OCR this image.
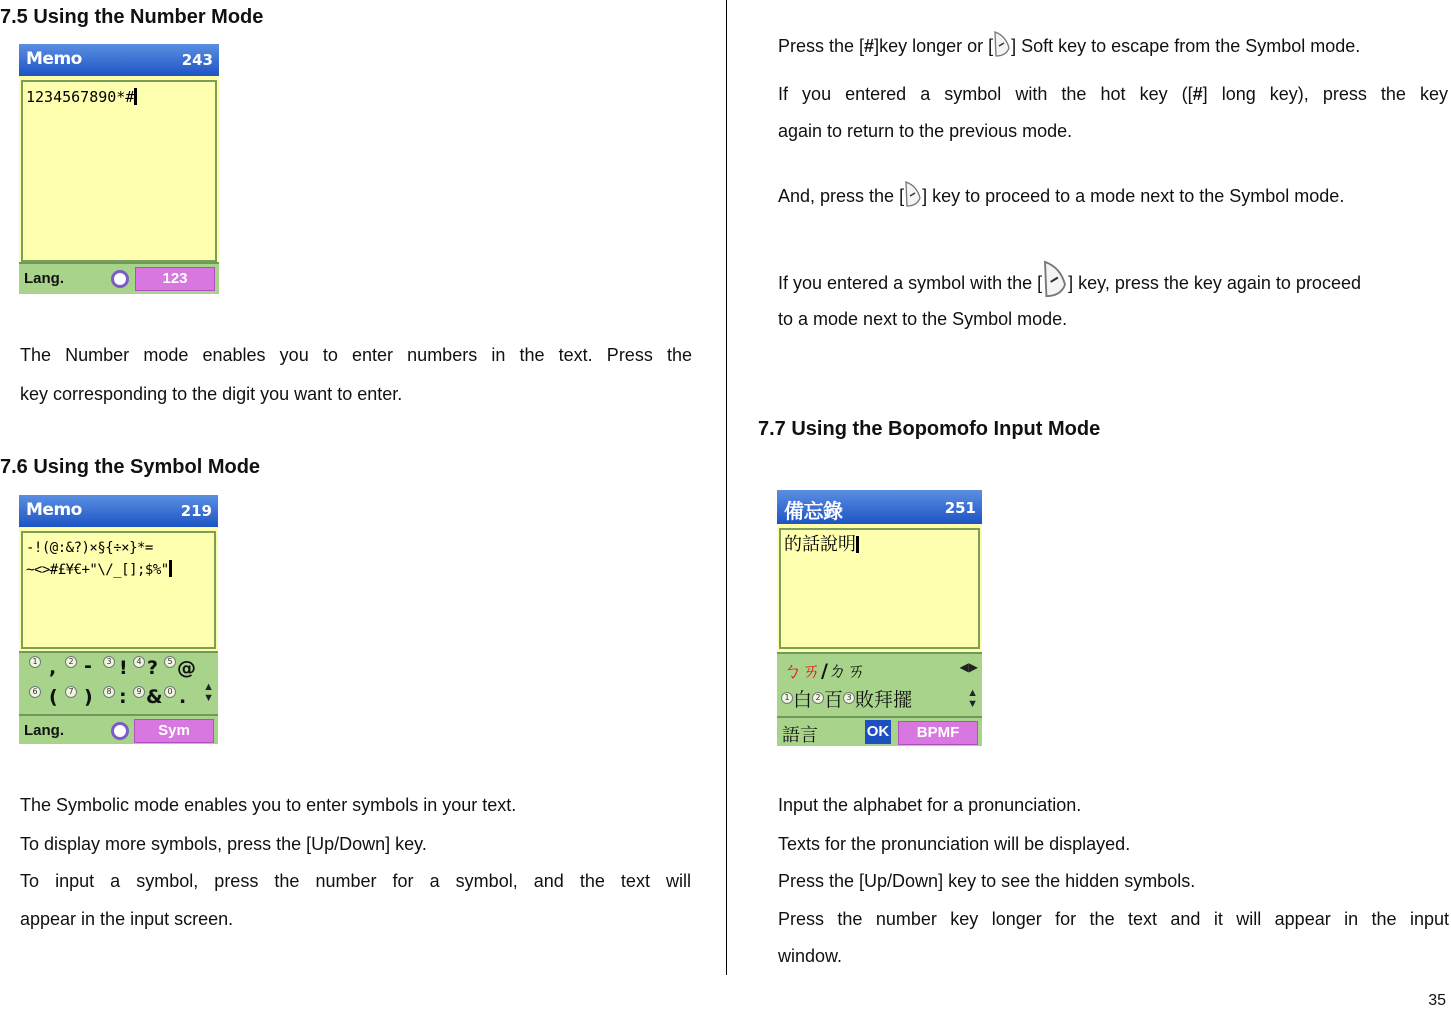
7.5 Using the Number Mode
Memo	243
1234567890*#
Lang.	123
The Number mode enables you to enter numbers in the text. Press the
key corresponding to the digit you want to enter.
7.6 Using the Symbol Mode
Memo	219
-!(@:&?)×§{÷×}*=
~<>#£¥€+"\/_[];$%"
1 ,	2 -	3 !	4 ?	5 @
6 (	7 )	8 :	9 & 0 . ▲
▼
Lang.	Sym
The Symbolic mode enables you to enter symbols in your text.
To display more symbols, press the [Up/Down] key.
To input a symbol, press the number for a symbol, and the text will
appear in the input screen.
Press the [#]key longer or [ ] Soft key to escape from the Symbol mode.
If you entered a symbol with the hot key ([#] long key), press the key
again to return to the previous mode.
And, press the [ ] key to proceed to a mode next to the Symbol mode.
If you entered a symbol with the [ ] key, press the key again to proceed
to a mode next to the Symbol mode.
7.7 Using the Bopomofo Input Mode
備忘錄	251
的話說明
ㄅㄞ/ㄉㄞ	◀▶
1 白 2 百 3 敗拜擺	▲
▼
語言	OK	BPMF
Input the alphabet for a pronunciation.
Texts for the pronunciation will be displayed.
Press the [Up/Down] key to see the hidden symbols.
Press the number key longer for the text and it will appear in the input
window.
35
